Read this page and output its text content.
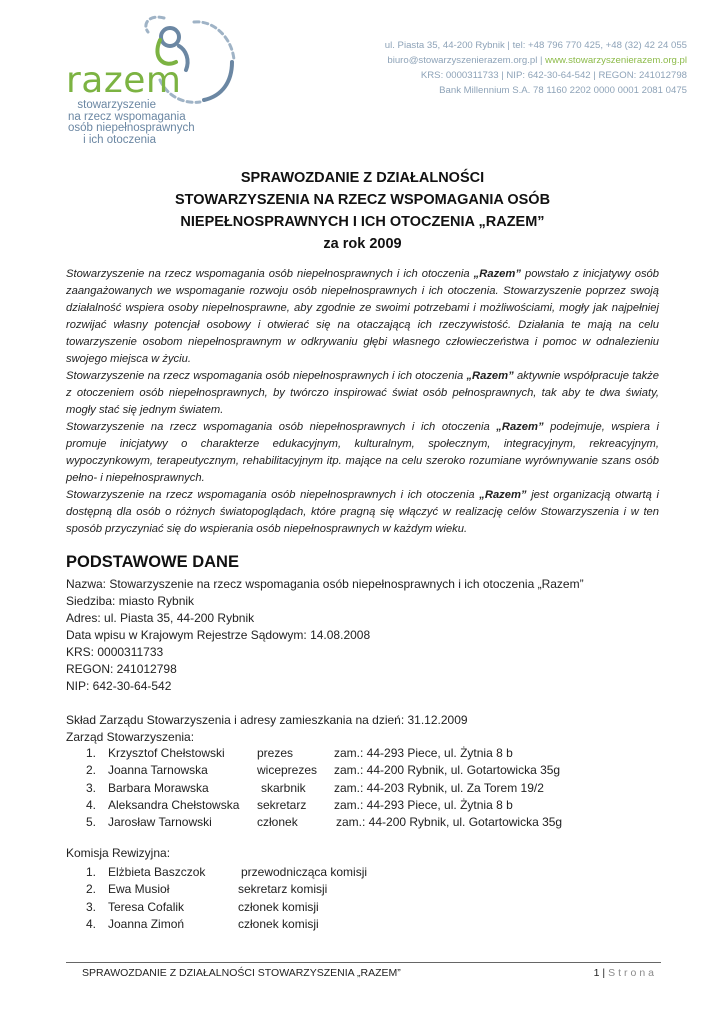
razem
stowarzyszenie
na rzecz wspomagania
osób niepełnosprawnych
i ich otoczenia
ul. Piasta 35, 44-200 Rybnik | tel: +48 796 770 425, +48 (32) 42 24 055
biuro@stowarzyszenierazem.org.pl | www.stowarzyszenierazem.org.pl
KRS: 0000311733 | NIP: 642-30-64-542 | REGON: 241012798
Bank Millennium S.A. 78 1160 2202 0000 0001 2081 0475
SPRAWOZDANIE Z DZIAŁALNOŚCI
STOWARZYSZENIA NA RZECZ WSPOMAGANIA OSÓB
NIEPEŁNOSPRAWNYCH I ICH OTOCZENIA „RAZEM”
za rok 2009

Stowarzyszenie na rzecz wspomagania osób niepełnosprawnych i ich otoczenia „Razem” powstało z inicjatywy osób zaangażowanych we wspomaganie rozwoju osób niepełnosprawnych i ich otoczenia. Stowarzyszenie poprzez swoją działalność wspiera osoby niepełnosprawne, aby zgodnie ze swoimi potrzebami i możliwościami, mogły jak najpełniej rozwijać własny potencjał osobowy i otwierać się na otaczającą ich rzeczywistość. Działania te mają na celu towarzyszenie osobom niepełnosprawnym w odkrywaniu głębi własnego człowieczeństwa i pomoc w odnalezieniu swojego miejsca w życiu.

Stowarzyszenie na rzecz wspomagania osób niepełnosprawnych i ich otoczenia „Razem” aktywnie współpracuje także z otoczeniem osób niepełnosprawnych, by twórczo inspirować świat osób pełnosprawnych, tak aby te dwa światy, mogły stać się jednym światem.

Stowarzyszenie na rzecz wspomagania osób niepełnosprawnych i ich otoczenia „Razem” podejmuje, wspiera i promuje inicjatywy o charakterze edukacyjnym, kulturalnym, społecznym, integracyjnym, rekreacyjnym, wypoczynkowym, terapeutycznym, rehabilitacyjnym itp. mające na celu szeroko rozumiane wyrównywanie szans osób pełno- i niepełnosprawnych.

Stowarzyszenie na rzecz wspomagania osób niepełnosprawnych i ich otoczenia „Razem” jest organizacją otwartą i dostępną dla osób o różnych światopoglądach, które pragną się włączyć w realizację celów Stowarzyszenia i w ten sposób przyczyniać się do wspierania osób niepełnosprawnych w każdym wieku.

PODSTAWOWE DANE
Nazwa: Stowarzyszenie na rzecz wspomagania osób niepełnosprawnych i ich otoczenia „Razem”
Siedziba: miasto Rybnik
Adres: ul. Piasta 35, 44-200 Rybnik
Data wpisu w Krajowym Rejestrze Sądowym: 14.08.2008
KRS: 0000311733
REGON: 241012798
NIP: 642-30-64-542
Skład Zarządu Stowarzyszenia i adresy zamieszkania na dzień: 31.12.2009
Zarząd Stowarzyszenia:
1. Krzysztof Chełstowski	prezes	zam.: 44-293 Piece, ul. Żytnia 8 b
2. Joanna Tarnowska	wiceprezes zam.: 44-200 Rybnik, ul. Gotartowicka 35g
3. Barbara Morawska	skarbnik zam.: 44-203 Rybnik, ul. Za Torem 19/2
4. Aleksandra Chełstowska sekretarz zam.: 44-293 Piece, ul. Żytnia 8 b
5. Jarosław Tarnowski	członek	zam.: 44-200 Rybnik, ul. Gotartowicka 35g
Komisja Rewizyjna:
1. Elżbieta Baszczok	przewodnicząca komisji
2. Ewa Musioł	sekretarz komisji
3. Teresa Cofalik	członek komisji
4. Joanna Zimoń	członek komisji
SPRAWOZDANIE Z DZIAŁALNOŚCI STOWARZYSZENIA „RAZEM”	1 | Strona
